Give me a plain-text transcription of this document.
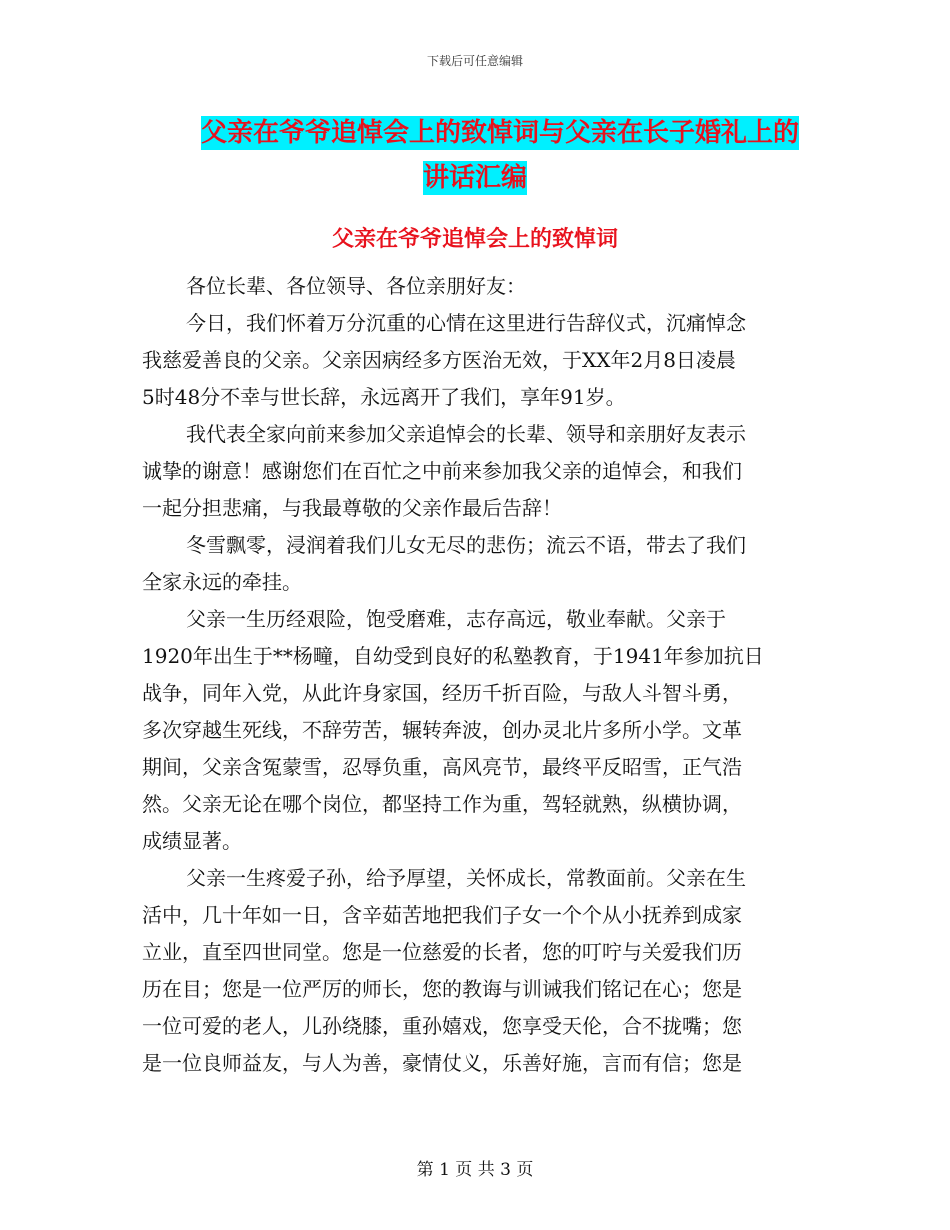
下载后可任意编辑
父亲在爷爷追悼会上的致悼词与父亲在长子婚礼上的
讲话汇编
父亲在爷爷追悼会上的致悼词

各位长辈、各位领导、各位亲朋好友：

今日，我们怀着万分沉重的心情在这里进行告辞仪式，沉痛悼念

我慈爱善良的父亲。父亲因病经多方医治无效，于XX年2月8日凌晨

5时48分不幸与世长辞，永远离开了我们，享年91岁。

我代表全家向前来参加父亲追悼会的长辈、领导和亲朋好友表示

诚挚的谢意！感谢您们在百忙之中前来参加我父亲的追悼会，和我们

一起分担悲痛，与我最尊敬的父亲作最后告辞！

冬雪飘零，浸润着我们儿女无尽的悲伤；流云不语，带去了我们

全家永远的牵挂。

父亲一生历经艰险，饱受磨难，志存高远，敬业奉献。父亲于

1920年出生于**杨疃，自幼受到良好的私塾教育，于1941年参加抗日

战争，同年入党，从此许身家国，经历千折百险，与敌人斗智斗勇，

多次穿越生死线，不辞劳苦，辗转奔波，创办灵北片多所小学。文革

期间，父亲含冤蒙雪，忍辱负重，高风亮节，最终平反昭雪，正气浩

然。父亲无论在哪个岗位，都坚持工作为重，驾轻就熟，纵横协调，

成绩显著。

父亲一生疼爱子孙，给予厚望，关怀成长，常教面前。父亲在生

活中，几十年如一日，含辛茹苦地把我们子女一个个从小抚养到成家

立业，直至四世同堂。您是一位慈爱的长者，您的叮咛与关爱我们历

历在目；您是一位严厉的师长，您的教诲与训诫我们铭记在心；您是

一位可爱的老人，儿孙绕膝，重孙嬉戏，您享受天伦，合不拢嘴；您

是一位良师益友，与人为善，豪情仗义，乐善好施，言而有信；您是

第 1 页 共 3 页
